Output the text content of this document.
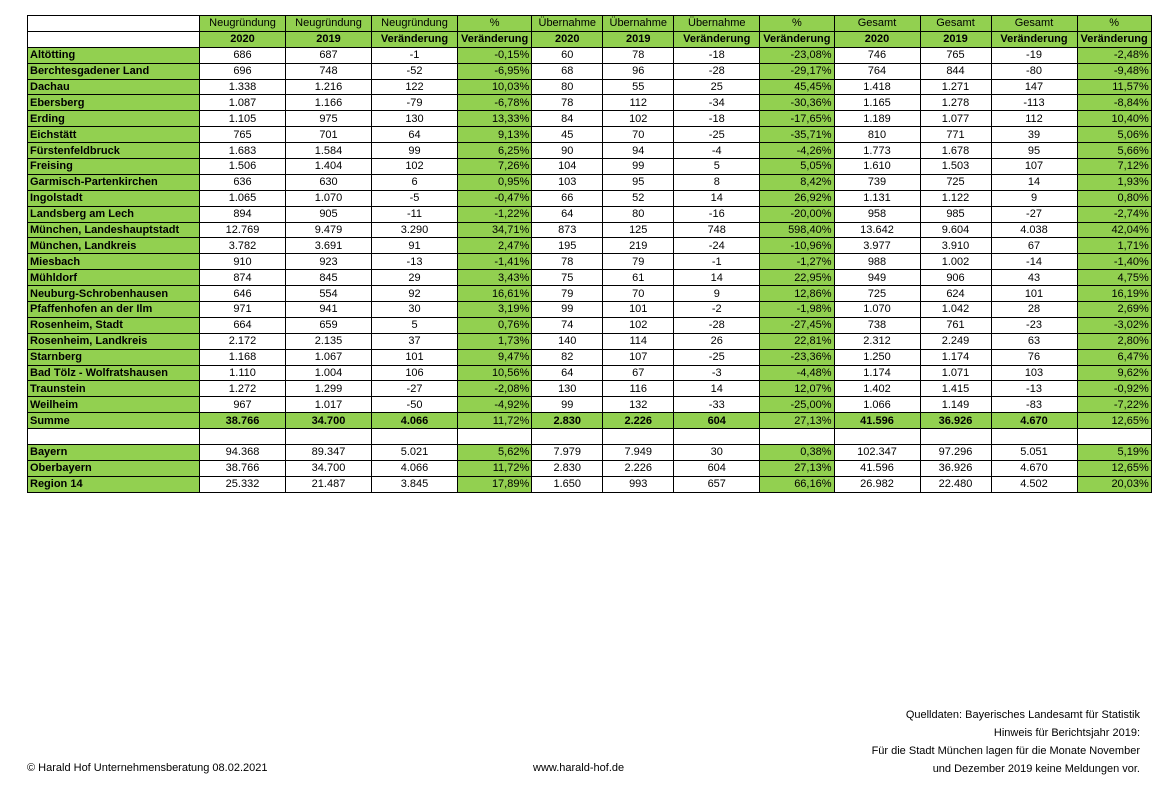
	Neugründung	Neugründung	Neugründung	%	Übernahme	Übernahme	Übernahme	%	Gesamt	Gesamt	Gesamt	%
	2020	2019	Veränderung	Veränderung	2020	2019	Veränderung	Veränderung	2020	2019	Veränderung	Veränderung
Altötting	686	687	-1	-0,15%	60	78	-18	-23,08%	746	765	-19	-2,48%
Berchtesgadener Land	696	748	-52	-6,95%	68	96	-28	-29,17%	764	844	-80	-9,48%
Dachau	1.338	1.216	122	10,03%	80	55	25	45,45%	1.418	1.271	147	11,57%
Ebersberg	1.087	1.166	-79	-6,78%	78	112	-34	-30,36%	1.165	1.278	-113	-8,84%
Erding	1.105	975	130	13,33%	84	102	-18	-17,65%	1.189	1.077	112	10,40%
Eichstätt	765	701	64	9,13%	45	70	-25	-35,71%	810	771	39	5,06%
Fürstenfeldbruck	1.683	1.584	99	6,25%	90	94	-4	-4,26%	1.773	1.678	95	5,66%
Freising	1.506	1.404	102	7,26%	104	99	5	5,05%	1.610	1.503	107	7,12%
Garmisch-Partenkirchen	636	630	6	0,95%	103	95	8	8,42%	739	725	14	1,93%
Ingolstadt	1.065	1.070	-5	-0,47%	66	52	14	26,92%	1.131	1.122	9	0,80%
Landsberg am Lech	894	905	-11	-1,22%	64	80	-16	-20,00%	958	985	-27	-2,74%
München, Landeshauptstadt	12.769	9.479	3.290	34,71%	873	125	748	598,40%	13.642	9.604	4.038	42,04%
München, Landkreis	3.782	3.691	91	2,47%	195	219	-24	-10,96%	3.977	3.910	67	1,71%
Miesbach	910	923	-13	-1,41%	78	79	-1	-1,27%	988	1.002	-14	-1,40%
Mühldorf	874	845	29	3,43%	75	61	14	22,95%	949	906	43	4,75%
Neuburg-Schrobenhausen	646	554	92	16,61%	79	70	9	12,86%	725	624	101	16,19%
Pfaffenhofen an der Ilm	971	941	30	3,19%	99	101	-2	-1,98%	1.070	1.042	28	2,69%
Rosenheim, Stadt	664	659	5	0,76%	74	102	-28	-27,45%	738	761	-23	-3,02%
Rosenheim, Landkreis	2.172	2.135	37	1,73%	140	114	26	22,81%	2.312	2.249	63	2,80%
Starnberg	1.168	1.067	101	9,47%	82	107	-25	-23,36%	1.250	1.174	76	6,47%
Bad Tölz - Wolfratshausen	1.110	1.004	106	10,56%	64	67	-3	-4,48%	1.174	1.071	103	9,62%
Traunstein	1.272	1.299	-27	-2,08%	130	116	14	12,07%	1.402	1.415	-13	-0,92%
Weilheim	967	1.017	-50	-4,92%	99	132	-33	-25,00%	1.066	1.149	-83	-7,22%
Summe	38.766	34.700	4.066	11,72%	2.830	2.226	604	27,13%	41.596	36.926	4.670	12,65%

Bayern	94.368	89.347	5.021	5,62%	7.979	7.949	30	0,38%	102.347	97.296	5.051	5,19%
Oberbayern	38.766	34.700	4.066	11,72%	2.830	2.226	604	27,13%	41.596	36.926	4.670	12,65%
Region 14	25.332	21.487	3.845	17,89%	1.650	993	657	66,16%	26.982	22.480	4.502	20,03%
© Harald Hof Unternehmensberatung 08.02.2021	www.harald-hof.de
Quelldaten: Bayerisches Landesamt für Statistik
Hinweis für Berichtsjahr 2019:
Für die Stadt München lagen für die Monate November
und Dezember 2019 keine Meldungen vor.
